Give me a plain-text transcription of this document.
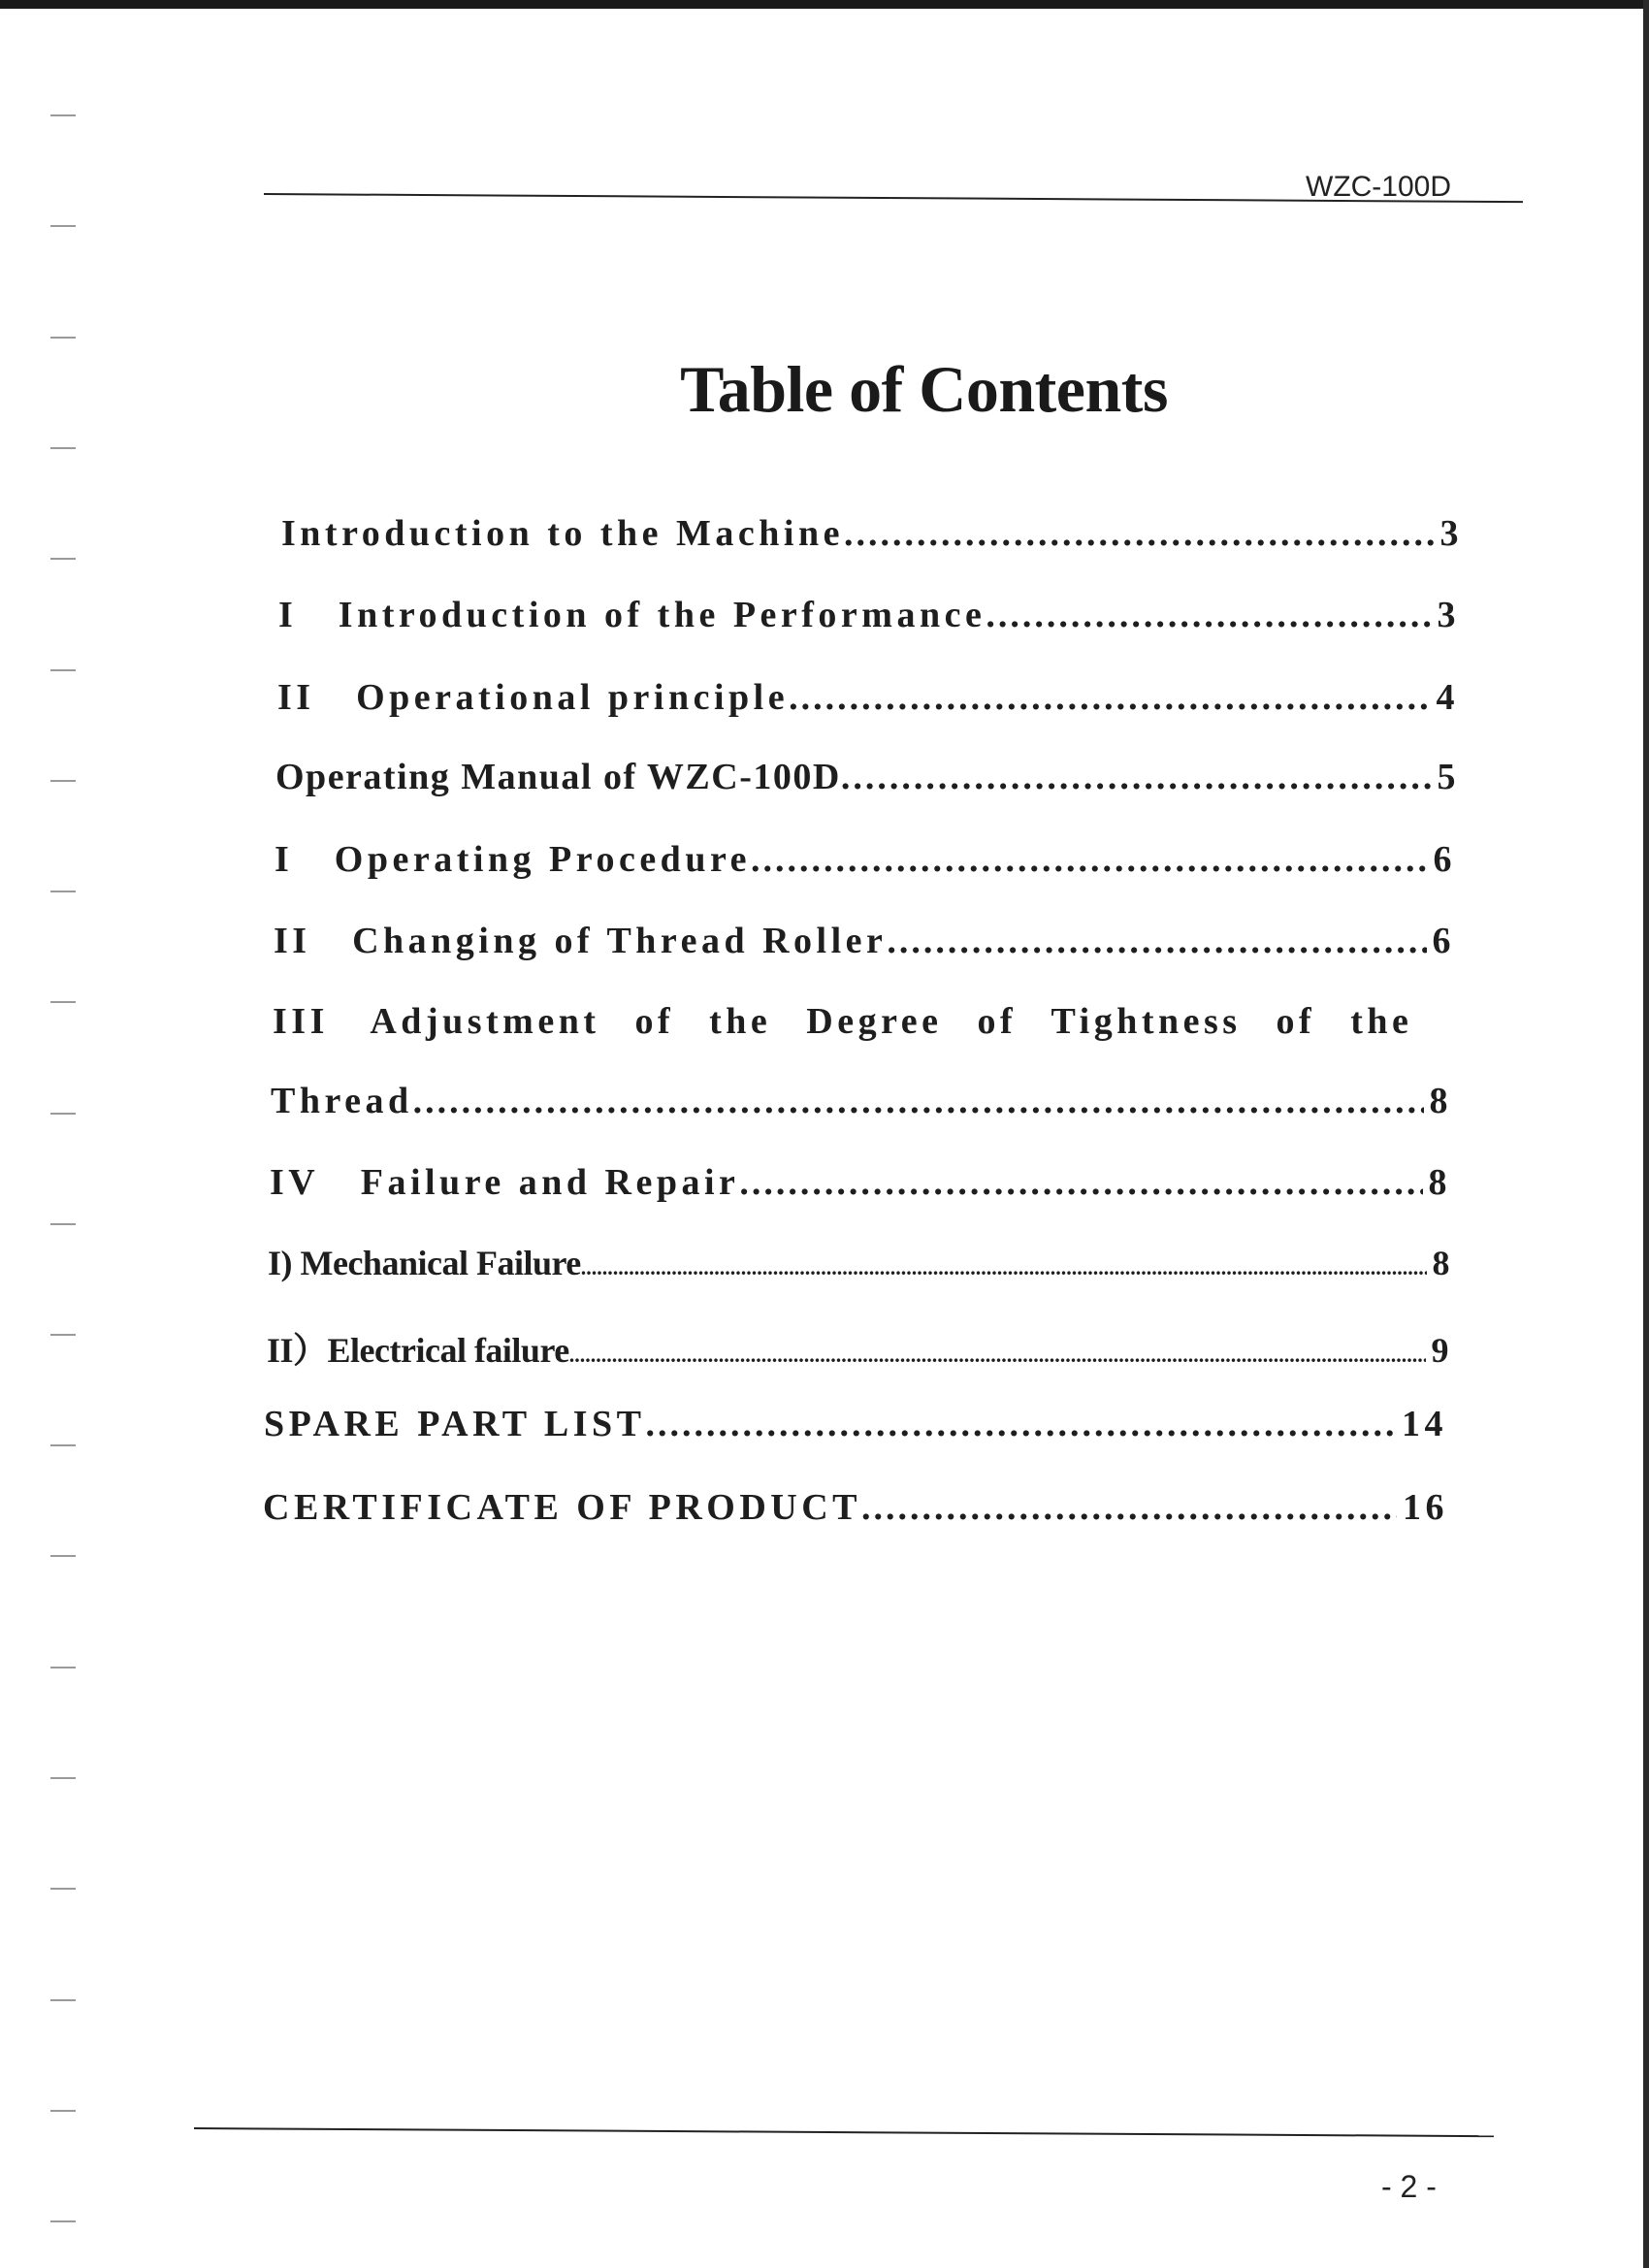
WZC-100D
Table of Contents
Introduction to the Machine .....	3
I Introduction of the Performance .....	3
II Operational principle .....	4
Operating Manual of WZC-100D .....	5
I Operating Procedure .....	6
II Changing of Thread Roller .....	6
III Adjustment of the Degree of Tightness of the
Thread .....	8
IV Failure and Repair .....	8
I) Mechanical Failure .....	8
II）Electrical failure .....	9
SPARE PART LIST .....	14
CERTIFICATE OF PRODUCT .....	16
- 2 -
